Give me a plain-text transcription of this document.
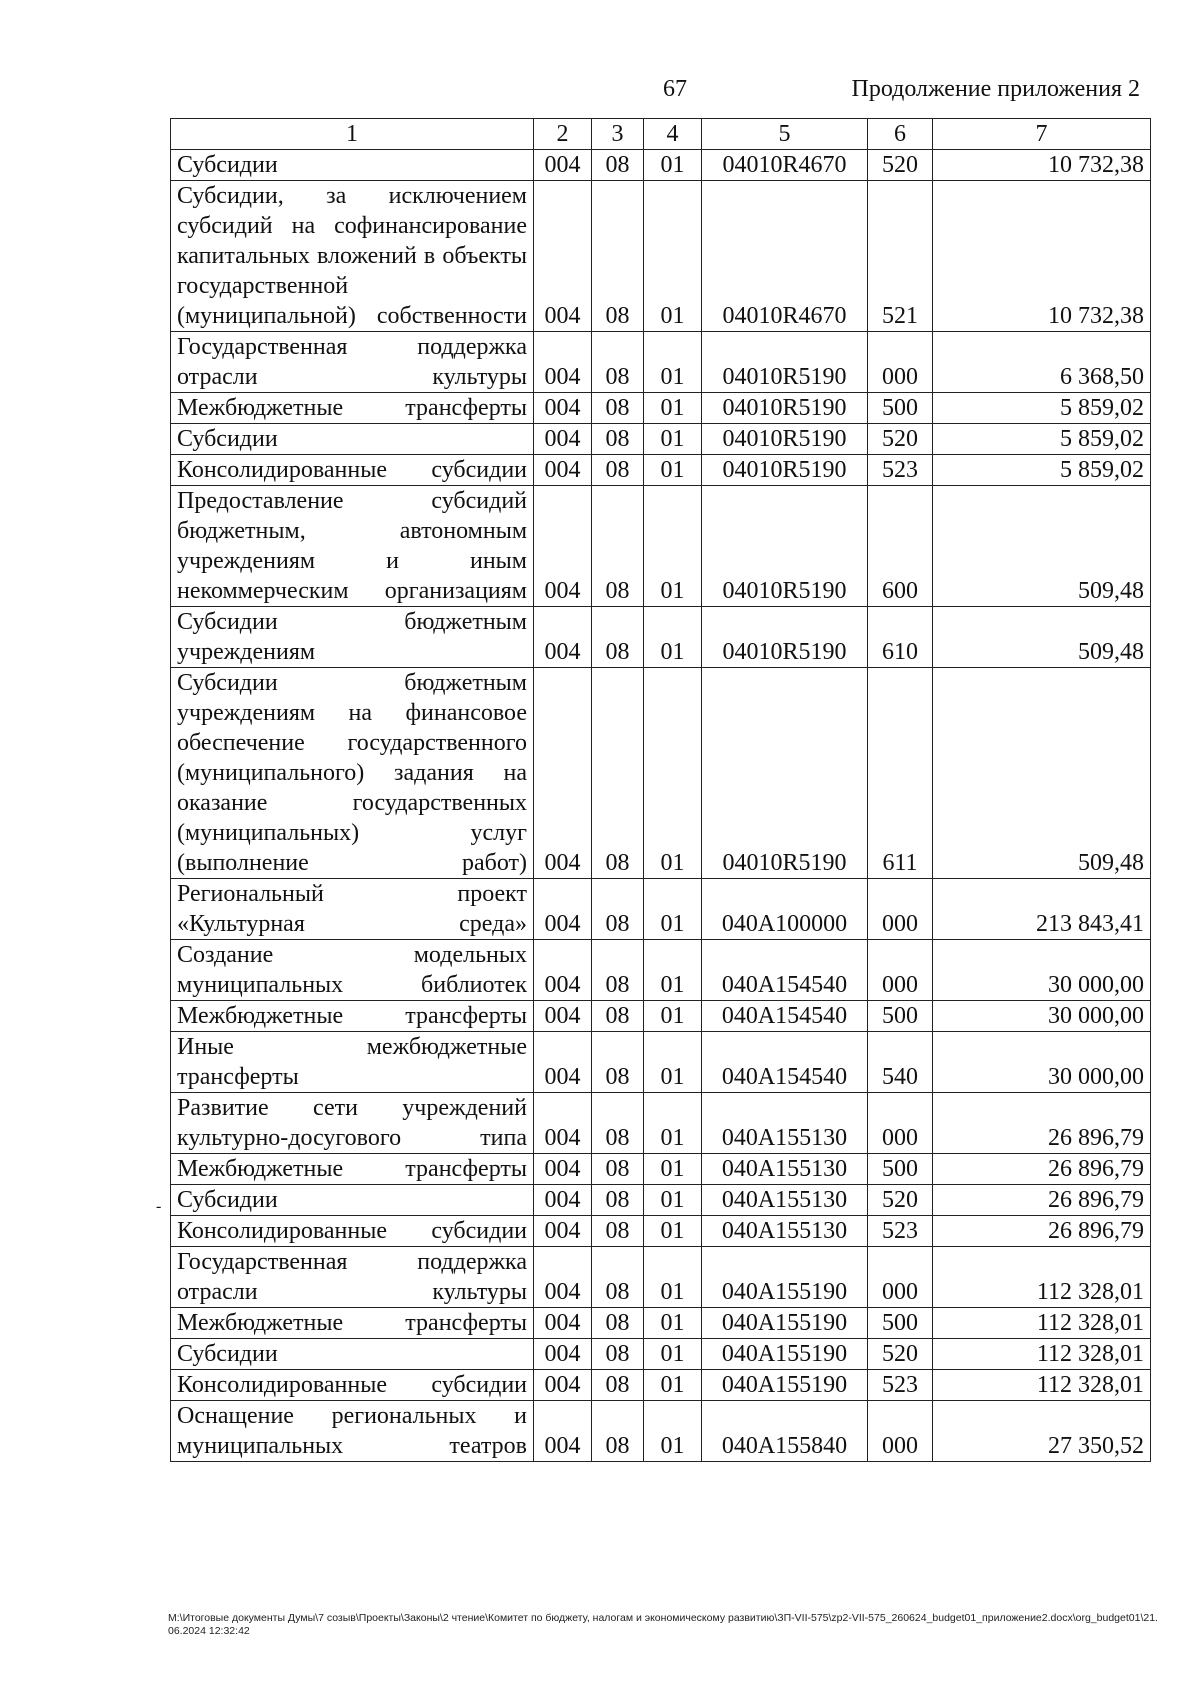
67	Продолжение приложения 2
-
1	2	3	4	5	6	7
Субсидии	004	08	01	04010R4670	520	10 732,38
Субсидии, за исключением субсидий на софинансирование капитальных вложений в объекты государственной (муниципальной) собственности	004	08	01	04010R4670	521	10 732,38
Государственная поддержка отрасли культуры	004	08	01	04010R5190	000	6 368,50
Межбюджетные трансферты	004	08	01	04010R5190	500	5 859,02
Субсидии	004	08	01	04010R5190	520	5 859,02
Консолидированные субсидии	004	08	01	04010R5190	523	5 859,02
Предоставление субсидий бюджетным, автономным учреждениям и иным некоммерческим организациям	004	08	01	04010R5190	600	509,48
Субсидии бюджетным учреждениям	004	08	01	04010R5190	610	509,48
Субсидии бюджетным учреждениям на финансовое обеспечение государственного (муниципального) задания на оказание государственных (муниципальных) услуг (выполнение работ)	004	08	01	04010R5190	611	509,48
Региональный проект «Культурная среда»	004	08	01	040A100000	000	213 843,41
Создание модельных муниципальных библиотек	004	08	01	040A154540	000	30 000,00
Межбюджетные трансферты	004	08	01	040A154540	500	30 000,00
Иные межбюджетные трансферты	004	08	01	040A154540	540	30 000,00
Развитие сети учреждений культурно-досугового типа	004	08	01	040A155130	000	26 896,79
Межбюджетные трансферты	004	08	01	040A155130	500	26 896,79
Субсидии	004	08	01	040A155130	520	26 896,79
Консолидированные субсидии	004	08	01	040A155130	523	26 896,79
Государственная поддержка отрасли культуры	004	08	01	040A155190	000	112 328,01
Межбюджетные трансферты	004	08	01	040A155190	500	112 328,01
Субсидии	004	08	01	040A155190	520	112 328,01
Консолидированные субсидии	004	08	01	040A155190	523	112 328,01
Оснащение региональных и муниципальных театров	004	08	01	040A155840	000	27 350,52
M:\Итоговые документы Думы\7 созыв\Проекты\Законы\2 чтение\Комитет по бюджету, налогам и экономическому развитию\ЗП-VII-575\zp2-VII-575_260624_budget01_приложение2.docx\org_budget01\21.06.2024 12:32:42
